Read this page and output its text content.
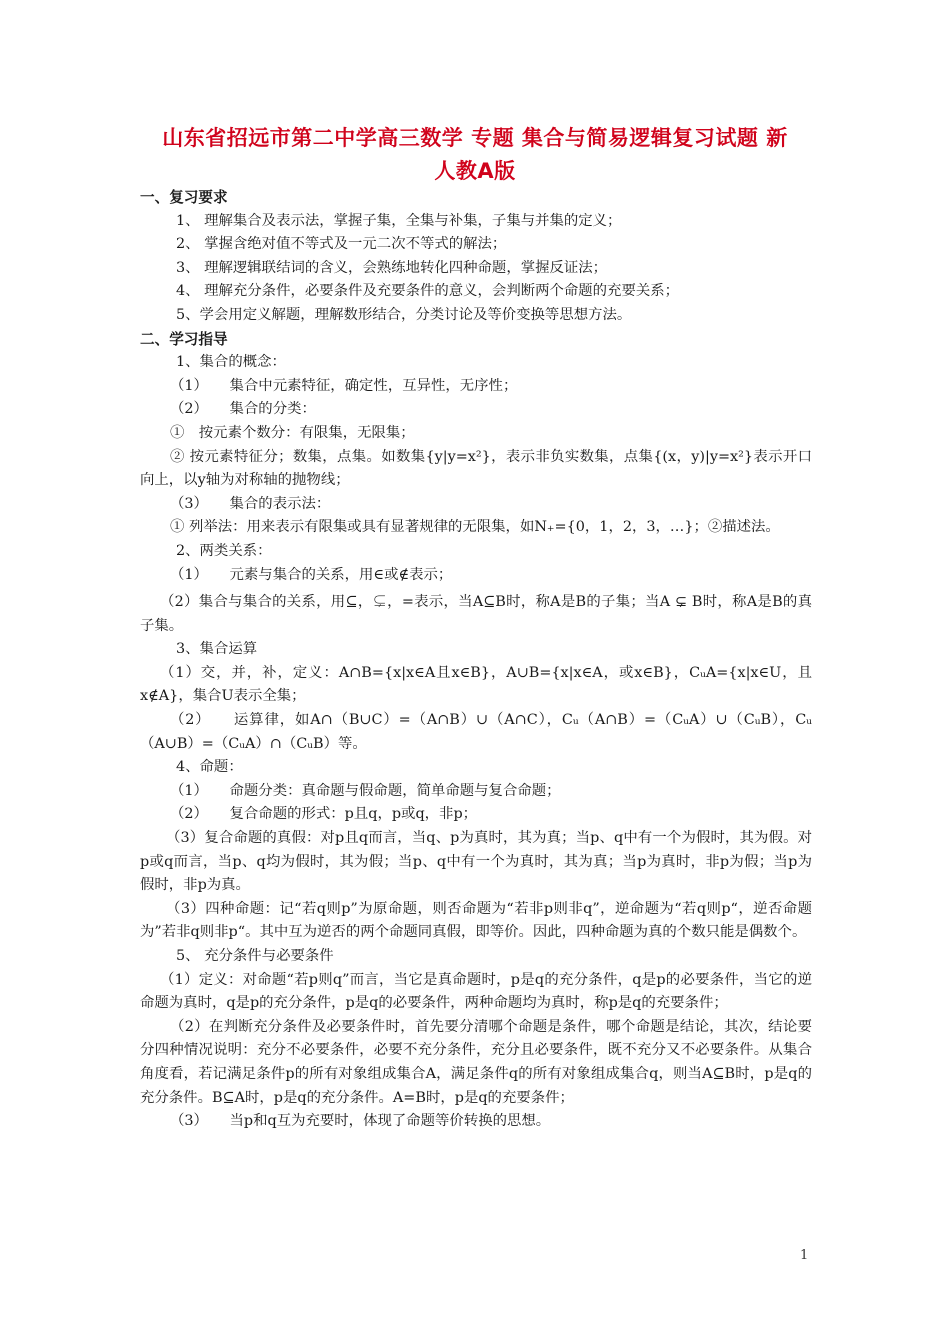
山东省招远市第二中学高三数学 专题 集合与简易逻辑复习试题 新
人教A版

一、复习要求

1、 理解集合及表示法，掌握子集，全集与补集，子集与并集的定义；

2、 掌握含绝对值不等式及一元二次不等式的解法；

3、 理解逻辑联结词的含义，会熟练地转化四种命题，掌握反证法；

4、 理解充分条件，必要条件及充要条件的意义，会判断两个命题的充要关系；

5、学会用定义解题，理解数形结合，分类讨论及等价变换等思想方法。

二、学习指导

1、集合的概念：

（1）　　集合中元素特征，确定性，互异性，无序性；

（2）　　集合的分类：

①　按元素个数分：有限集，无限集；

② 按元素特征分；数集，点集。如数集{y|y=x²}，表示非负实数集，点集{(x，y)|y=x²}表示开口向上，以y轴为对称轴的抛物线；

（3）　　集合的表示法：

① 列举法：用来表示有限集或具有显著规律的无限集，如N₊={0，1，2，3，…}；②描述法。

2、两类关系：

（1）　　元素与集合的关系，用∈或∉表示；

（2）集合与集合的关系，用⊆，⊊，=表示，当A⊆B时，称A是B的子集；当A ⊊ B时，称A是B的真子集。

3、集合运算

（1）交，并，补，定义：A∩B={x|x∈A且x∈B}，A∪B={x|x∈A，或x∈B}，CᵤA={x|x∈U，且x∉A}，集合U表示全集；

（2）　　运算律，如A∩（B∪C）=（A∩B）∪（A∩C），Cᵤ（A∩B）=（CᵤA）∪（CᵤB），Cᵤ（A∪B）=（CᵤA）∩（CᵤB）等。

4、命题：

（1）　　命题分类：真命题与假命题，简单命题与复合命题；

（2）　　复合命题的形式：p且q，p或q，非p；

（3）复合命题的真假：对p且q而言，当q、p为真时，其为真；当p、q中有一个为假时，其为假。对p或q而言，当p、q均为假时，其为假；当p、q中有一个为真时，其为真；当p为真时，非p为假；当p为假时，非p为真。

（3）四种命题：记“若q则p”为原命题，则否命题为“若非p则非q”，逆命题为“若q则p“，逆否命题为”若非q则非p“。其中互为逆否的两个命题同真假，即等价。因此，四种命题为真的个数只能是偶数个。

5、 充分条件与必要条件

（1）定义：对命题“若p则q”而言，当它是真命题时，p是q的充分条件，q是p的必要条件，当它的逆命题为真时，q是p的充分条件，p是q的必要条件，两种命题均为真时，称p是q的充要条件；

（2）在判断充分条件及必要条件时，首先要分清哪个命题是条件，哪个命题是结论，其次，结论要分四种情况说明：充分不必要条件，必要不充分条件，充分且必要条件，既不充分又不必要条件。从集合角度看，若记满足条件p的所有对象组成集合A，满足条件q的所有对象组成集合q，则当A⊆B时，p是q的充分条件。B⊆A时，p是q的充分条件。A=B时，p是q的充要条件；

（3）　　当p和q互为充要时，体现了命题等价转换的思想。

1
